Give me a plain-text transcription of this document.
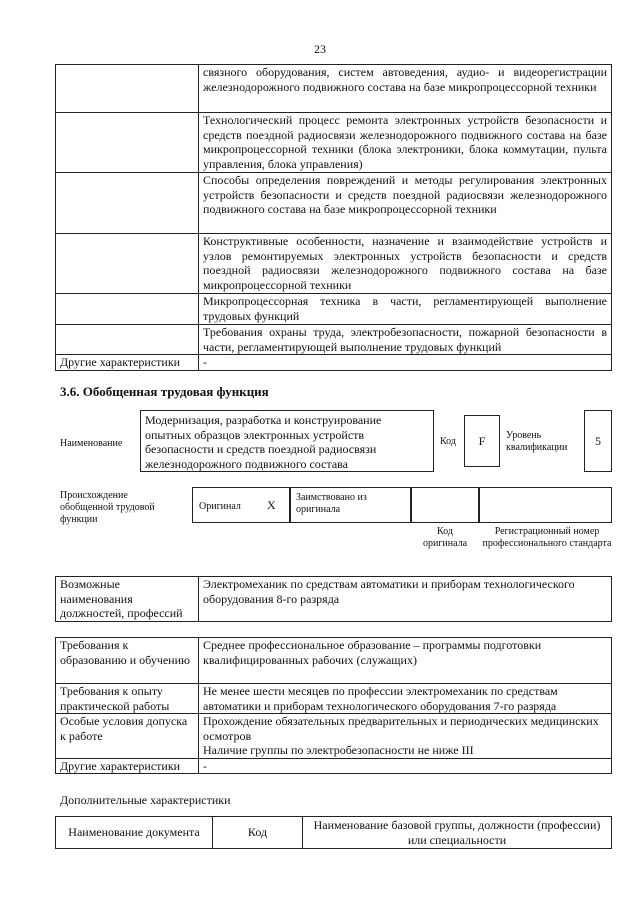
23
	связного оборудования, систем автоведения, аудио- и видеорегистрации железнодорожного подвижного состава на базе микропроцессорной техники
	Технологический процесс ремонта электронных устройств безопасности и средств поездной радиосвязи железнодорожного подвижного состава на базе микропроцессорной техники (блока электроники, блока коммутации, пульта управления, блока управления)
	Способы определения повреждений и методы регулирования электронных устройств безопасности и средств поездной радиосвязи железнодорожного подвижного состава на базе микропроцессорной техники
	Конструктивные особенности, назначение и взаимодействие устройств и узлов ремонтируемых электронных устройств безопасности и средств поездной радиосвязи железнодорожного подвижного состава на базе микропроцессорной техники
	Микропроцессорная техника в части, регламентирующей выполнение трудовых функций
	Требования охраны труда, электробезопасности, пожарной безопасности в части, регламентирующей выполнение трудовых функций
Другие характеристики	-
3.6. Обобщенная трудовая функция
Наименование
Модернизация, разработка и конструирование опытных образцов электронных устройств безопасности и средств поездной радиосвязи железнодорожного подвижного состава
Код	F	Уровень квалификации	5
Происхождение обобщенной трудовой функции
Оригинал X
Заимствовано из оригинала
Код оригинала
Регистрационный номер профессионального стандарта
Возможные наименования должностей, профессий	Электромеханик по средствам автоматики и приборам технологического оборудования 8-го разряда
Требования к образованию и обучению	Среднее профессиональное образование – программы подготовки квалифицированных рабочих (служащих)
Требования к опыту практической работы	Не менее шести месяцев по профессии электромеханик по средствам автоматики и приборам технологического оборудования 7-го разряда
Особые условия допуска к работе	Прохождение обязательных предварительных и периодических медицинских осмотров
Наличие группы по электробезопасности не ниже III

Другие характеристики	-
Дополнительные характеристики
Наименование документа	Код	Наименование базовой группы, должности (профессии) или специальности
